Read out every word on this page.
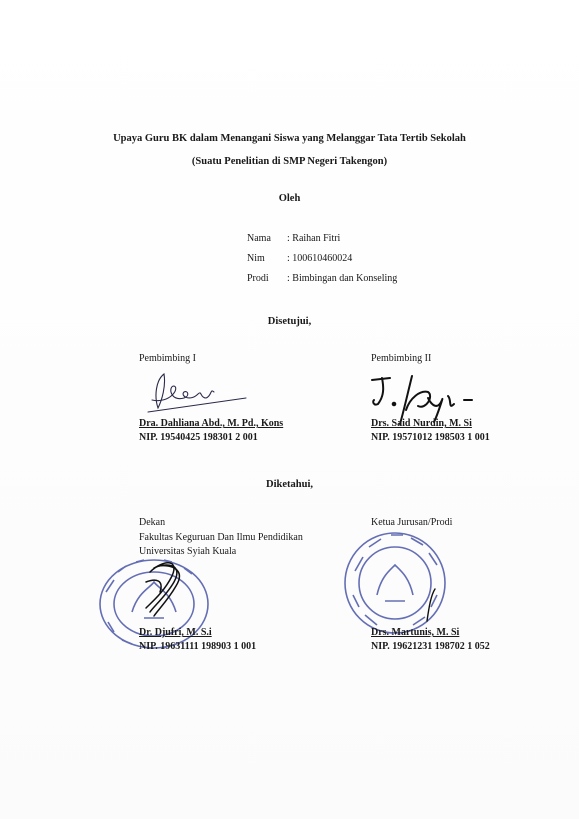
Upaya Guru BK dalam Menangani Siswa yang Melanggar Tata Tertib Sekolah
(Suatu Penelitian di SMP Negeri Takengon)
Oleh
Nama : Raihan Fitri
Nim : 100610460024
Prodi : Bimbingan dan Konseling
Disetujui,
Pembimbing I
Dra. Dahliana Abd., M. Pd., Kons
NIP. 19540425 198301 2 001
Pembimbing II
Drs. Said Nurdin, M. Si
NIP. 19571012 198503 1 001
Diketahui,
Dekan
Fakultas Keguruan Dan Ilmu Pendidikan
Universitas Syiah Kuala
Dr. Djufri, M. S.i
NIP. 19631111 198903 1 001
Ketua Jurusan/Prodi
Drs. Martunis, M. Si
NIP. 19621231 198702 1 052
